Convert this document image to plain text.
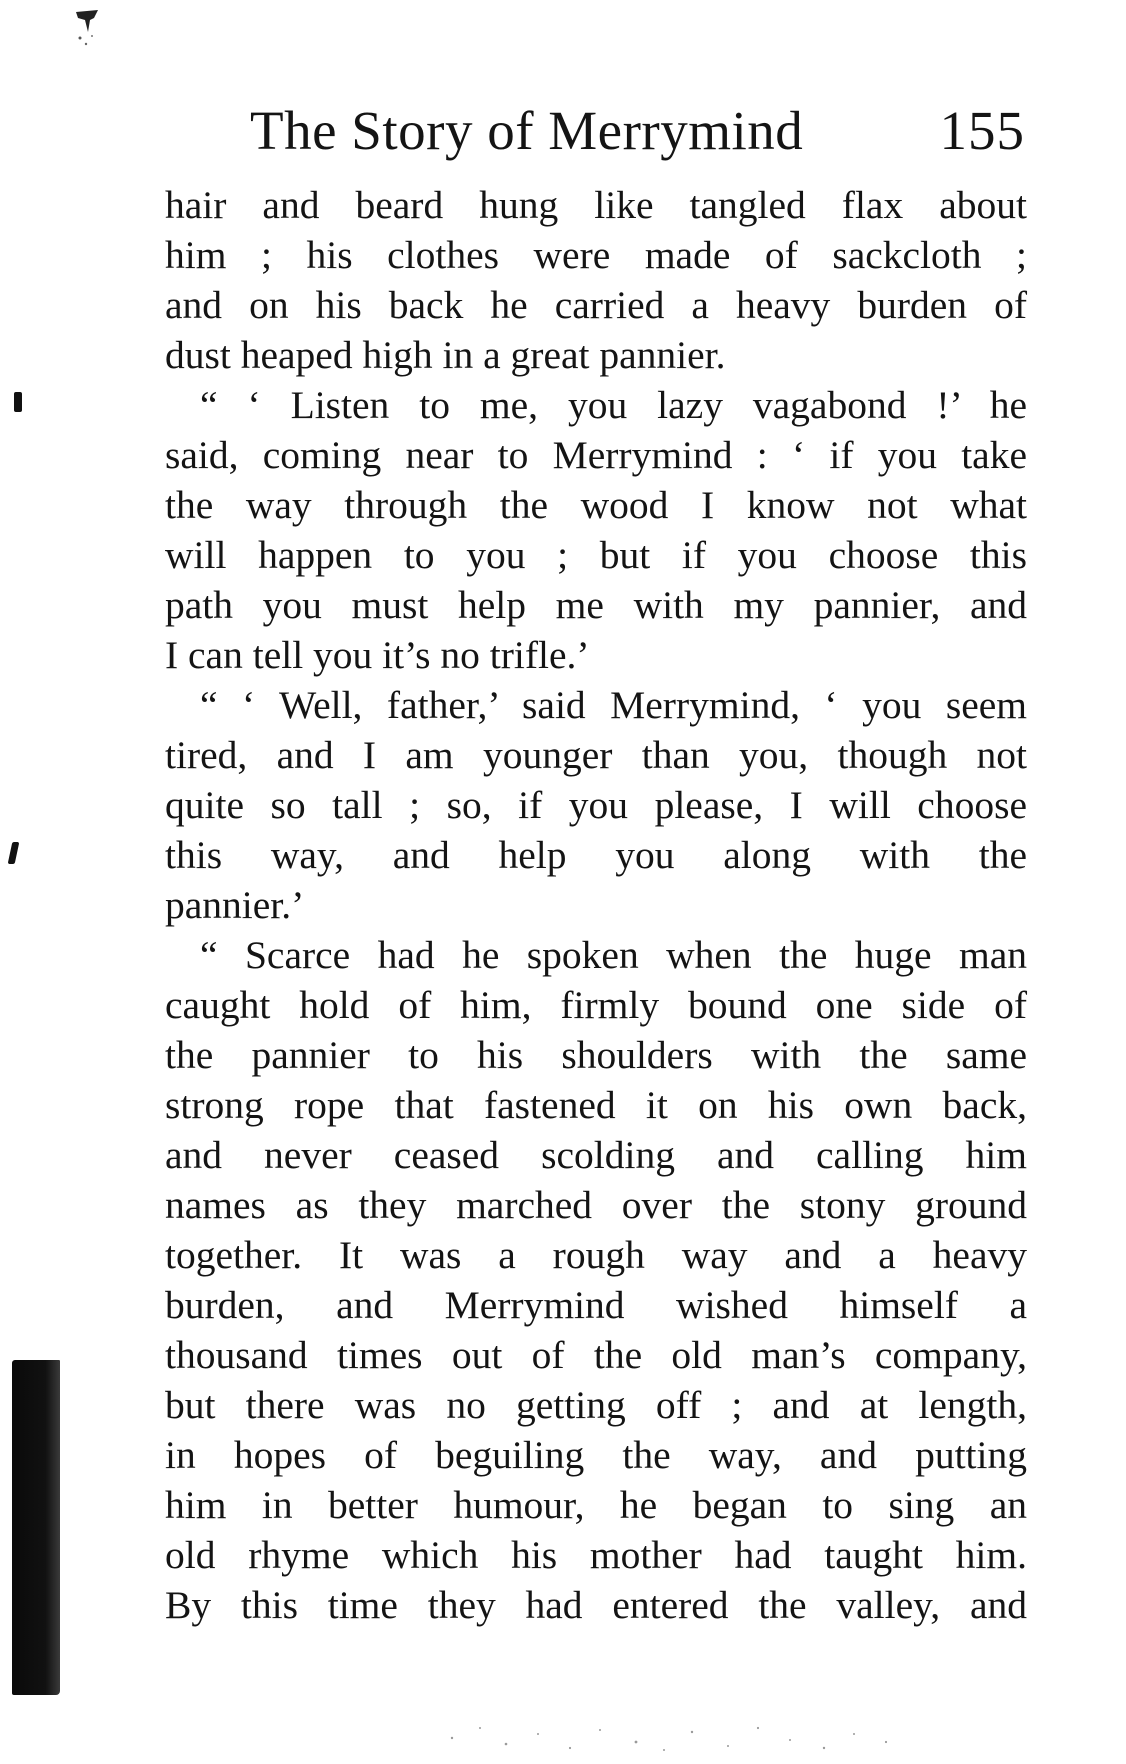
The Story of Merrymind 155
hair and beard hung like tangled flax about
him ; his clothes were made of sackcloth ;
and on his back he carried a heavy burden of
dust heaped high in a great pannier.
“ ‘ Listen to me, you lazy vagabond !’ he
said, coming near to Merrymind : ‘ if you take
the way through the wood I know not what
will happen to you ; but if you choose this
path you must help me with my pannier, and
I can tell you it’s no trifle.’
“ ‘ Well, father,’ said Merrymind, ‘ you seem
tired, and I am younger than you, though not
quite so tall ; so, if you please, I will choose
this way, and help you along with the
pannier.’
“ Scarce had he spoken when the huge man
caught hold of him, firmly bound one side of
the pannier to his shoulders with the same
strong rope that fastened it on his own back,
and never ceased scolding and calling him
names as they marched over the stony ground
together. It was a rough way and a heavy
burden, and Merrymind wished himself a
thousand times out of the old man’s company,
but there was no getting off ; and at length,
in hopes of beguiling the way, and putting
him in better humour, he began to sing an
old rhyme which his mother had taught him.
By this time they had entered the valley, and
